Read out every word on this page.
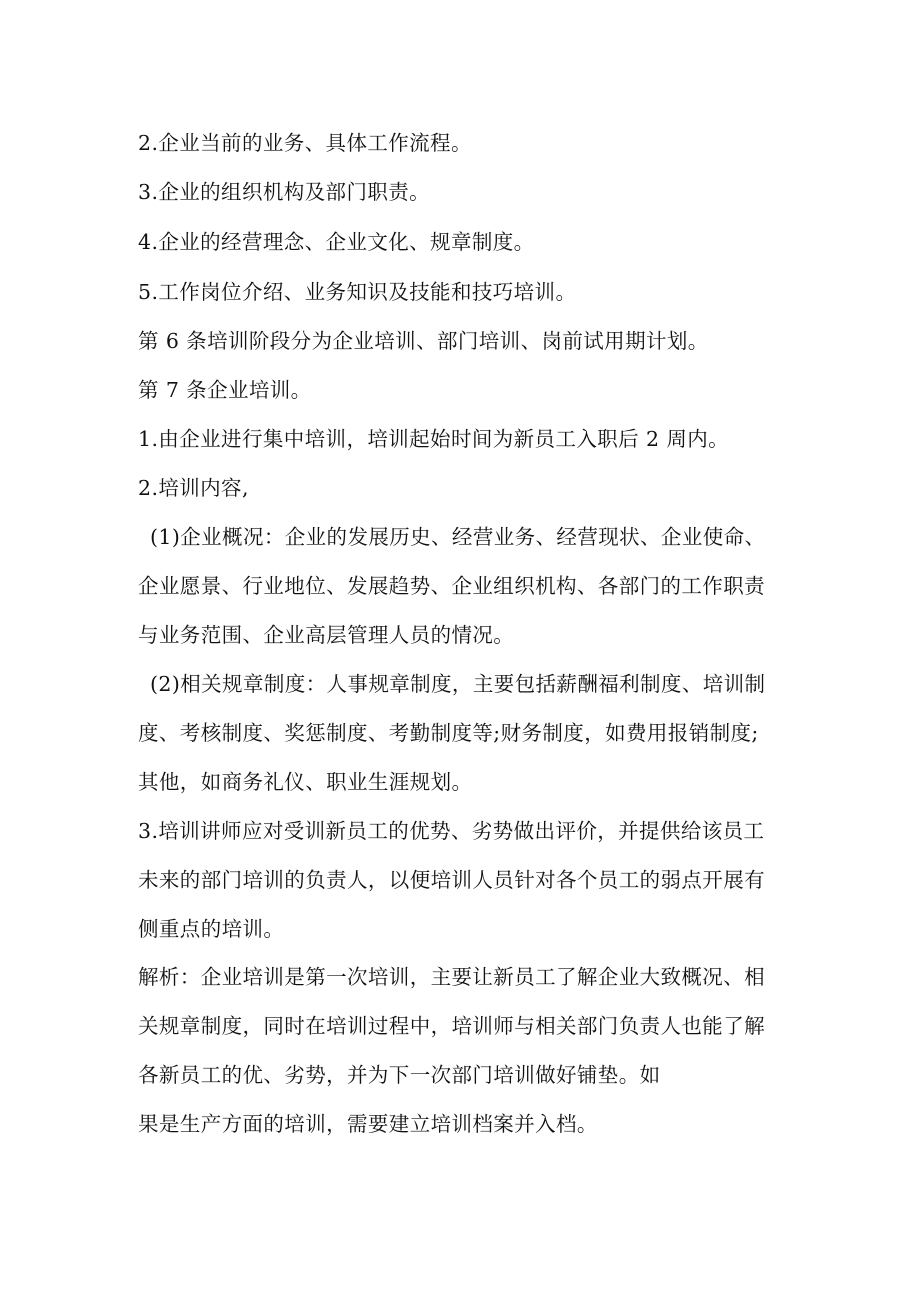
2.企业当前的业务、具体工作流程。
3.企业的组织机构及部门职责。
4.企业的经营理念、企业文化、规章制度。
5.工作岗位介绍、业务知识及技能和技巧培训。
第 6 条培训阶段分为企业培训、部门培训、岗前试用期计划。
第 7 条企业培训。
1.由企业进行集中培训，培训起始时间为新员工入职后 2 周内。
2.培训内容,
(1)企业概况：企业的发展历史、经营业务、经营现状、企业使命、
企业愿景、行业地位、发展趋势、企业组织机构、各部门的工作职责
与业务范围、企业高层管理人员的情况。
(2)相关规章制度：人事规章制度，主要包括薪酬福利制度、培训制
度、考核制度、奖惩制度、考勤制度等;财务制度，如费用报销制度;
其他，如商务礼仪、职业生涯规划。
3.培训讲师应对受训新员工的优势、劣势做出评价，并提供给该员工
未来的部门培训的负责人，以便培训人员针对各个员工的弱点开展有
侧重点的培训。
解析：企业培训是第一次培训，主要让新员工了解企业大致概况、相
关规章制度，同时在培训过程中，培训师与相关部门负责人也能了解
各新员工的优、劣势，并为下一次部门培训做好铺垫。如
果是生产方面的培训，需要建立培训档案并入档。
